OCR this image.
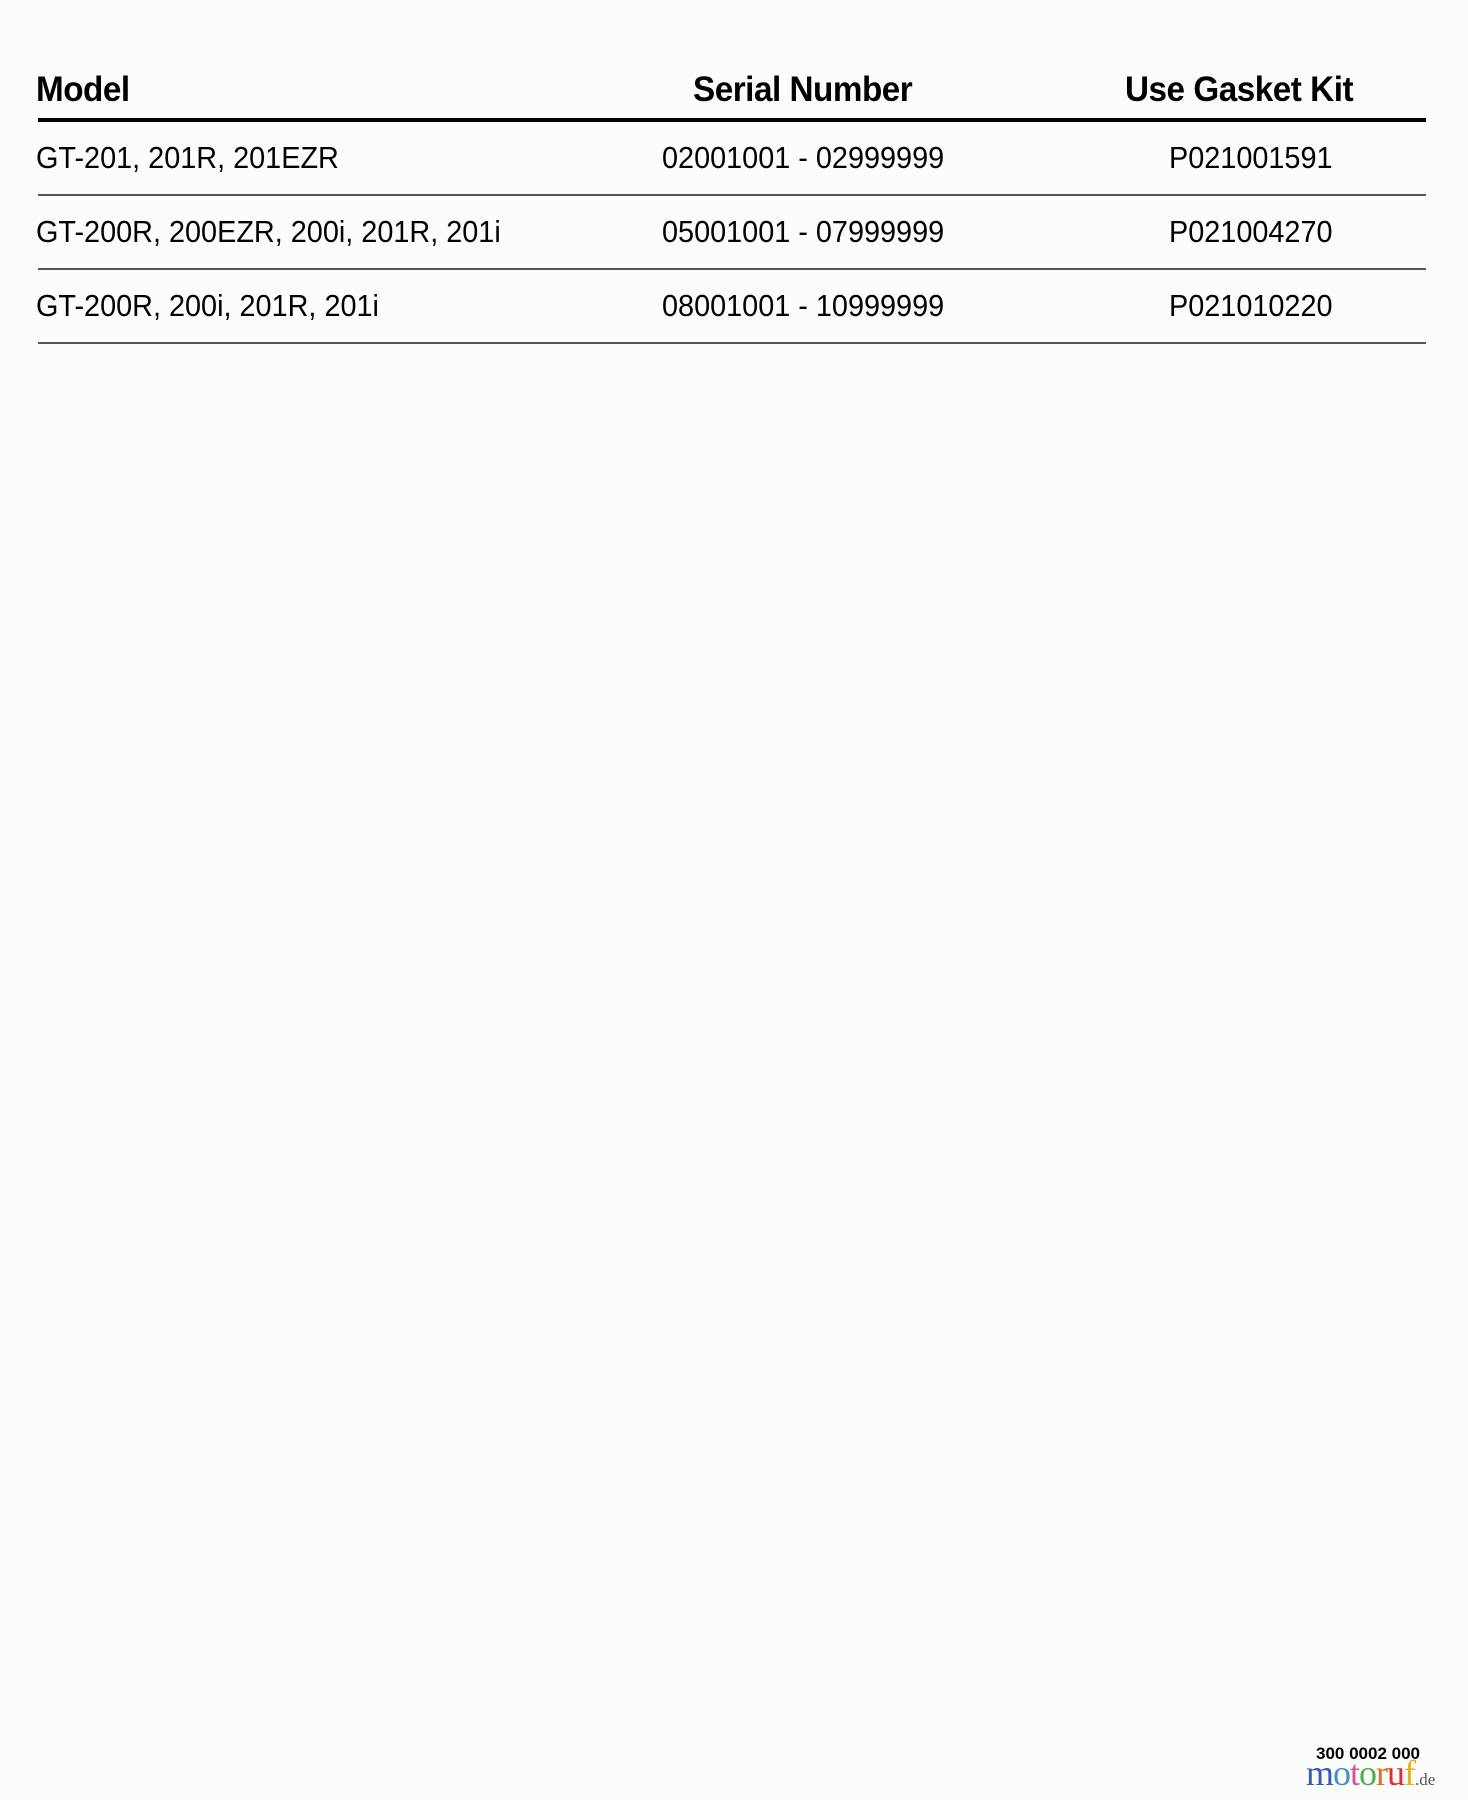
Model	Serial Number	Use Gasket Kit
GT-201, 201R, 201EZR	02001001 - 02999999	P021001591
GT-200R, 200EZR, 200i, 201R, 201i	05001001 - 07999999	P021004270
GT-200R, 200i, 201R, 201i	08001001 - 10999999	P021010220
300 0002 000
motoruf.de
